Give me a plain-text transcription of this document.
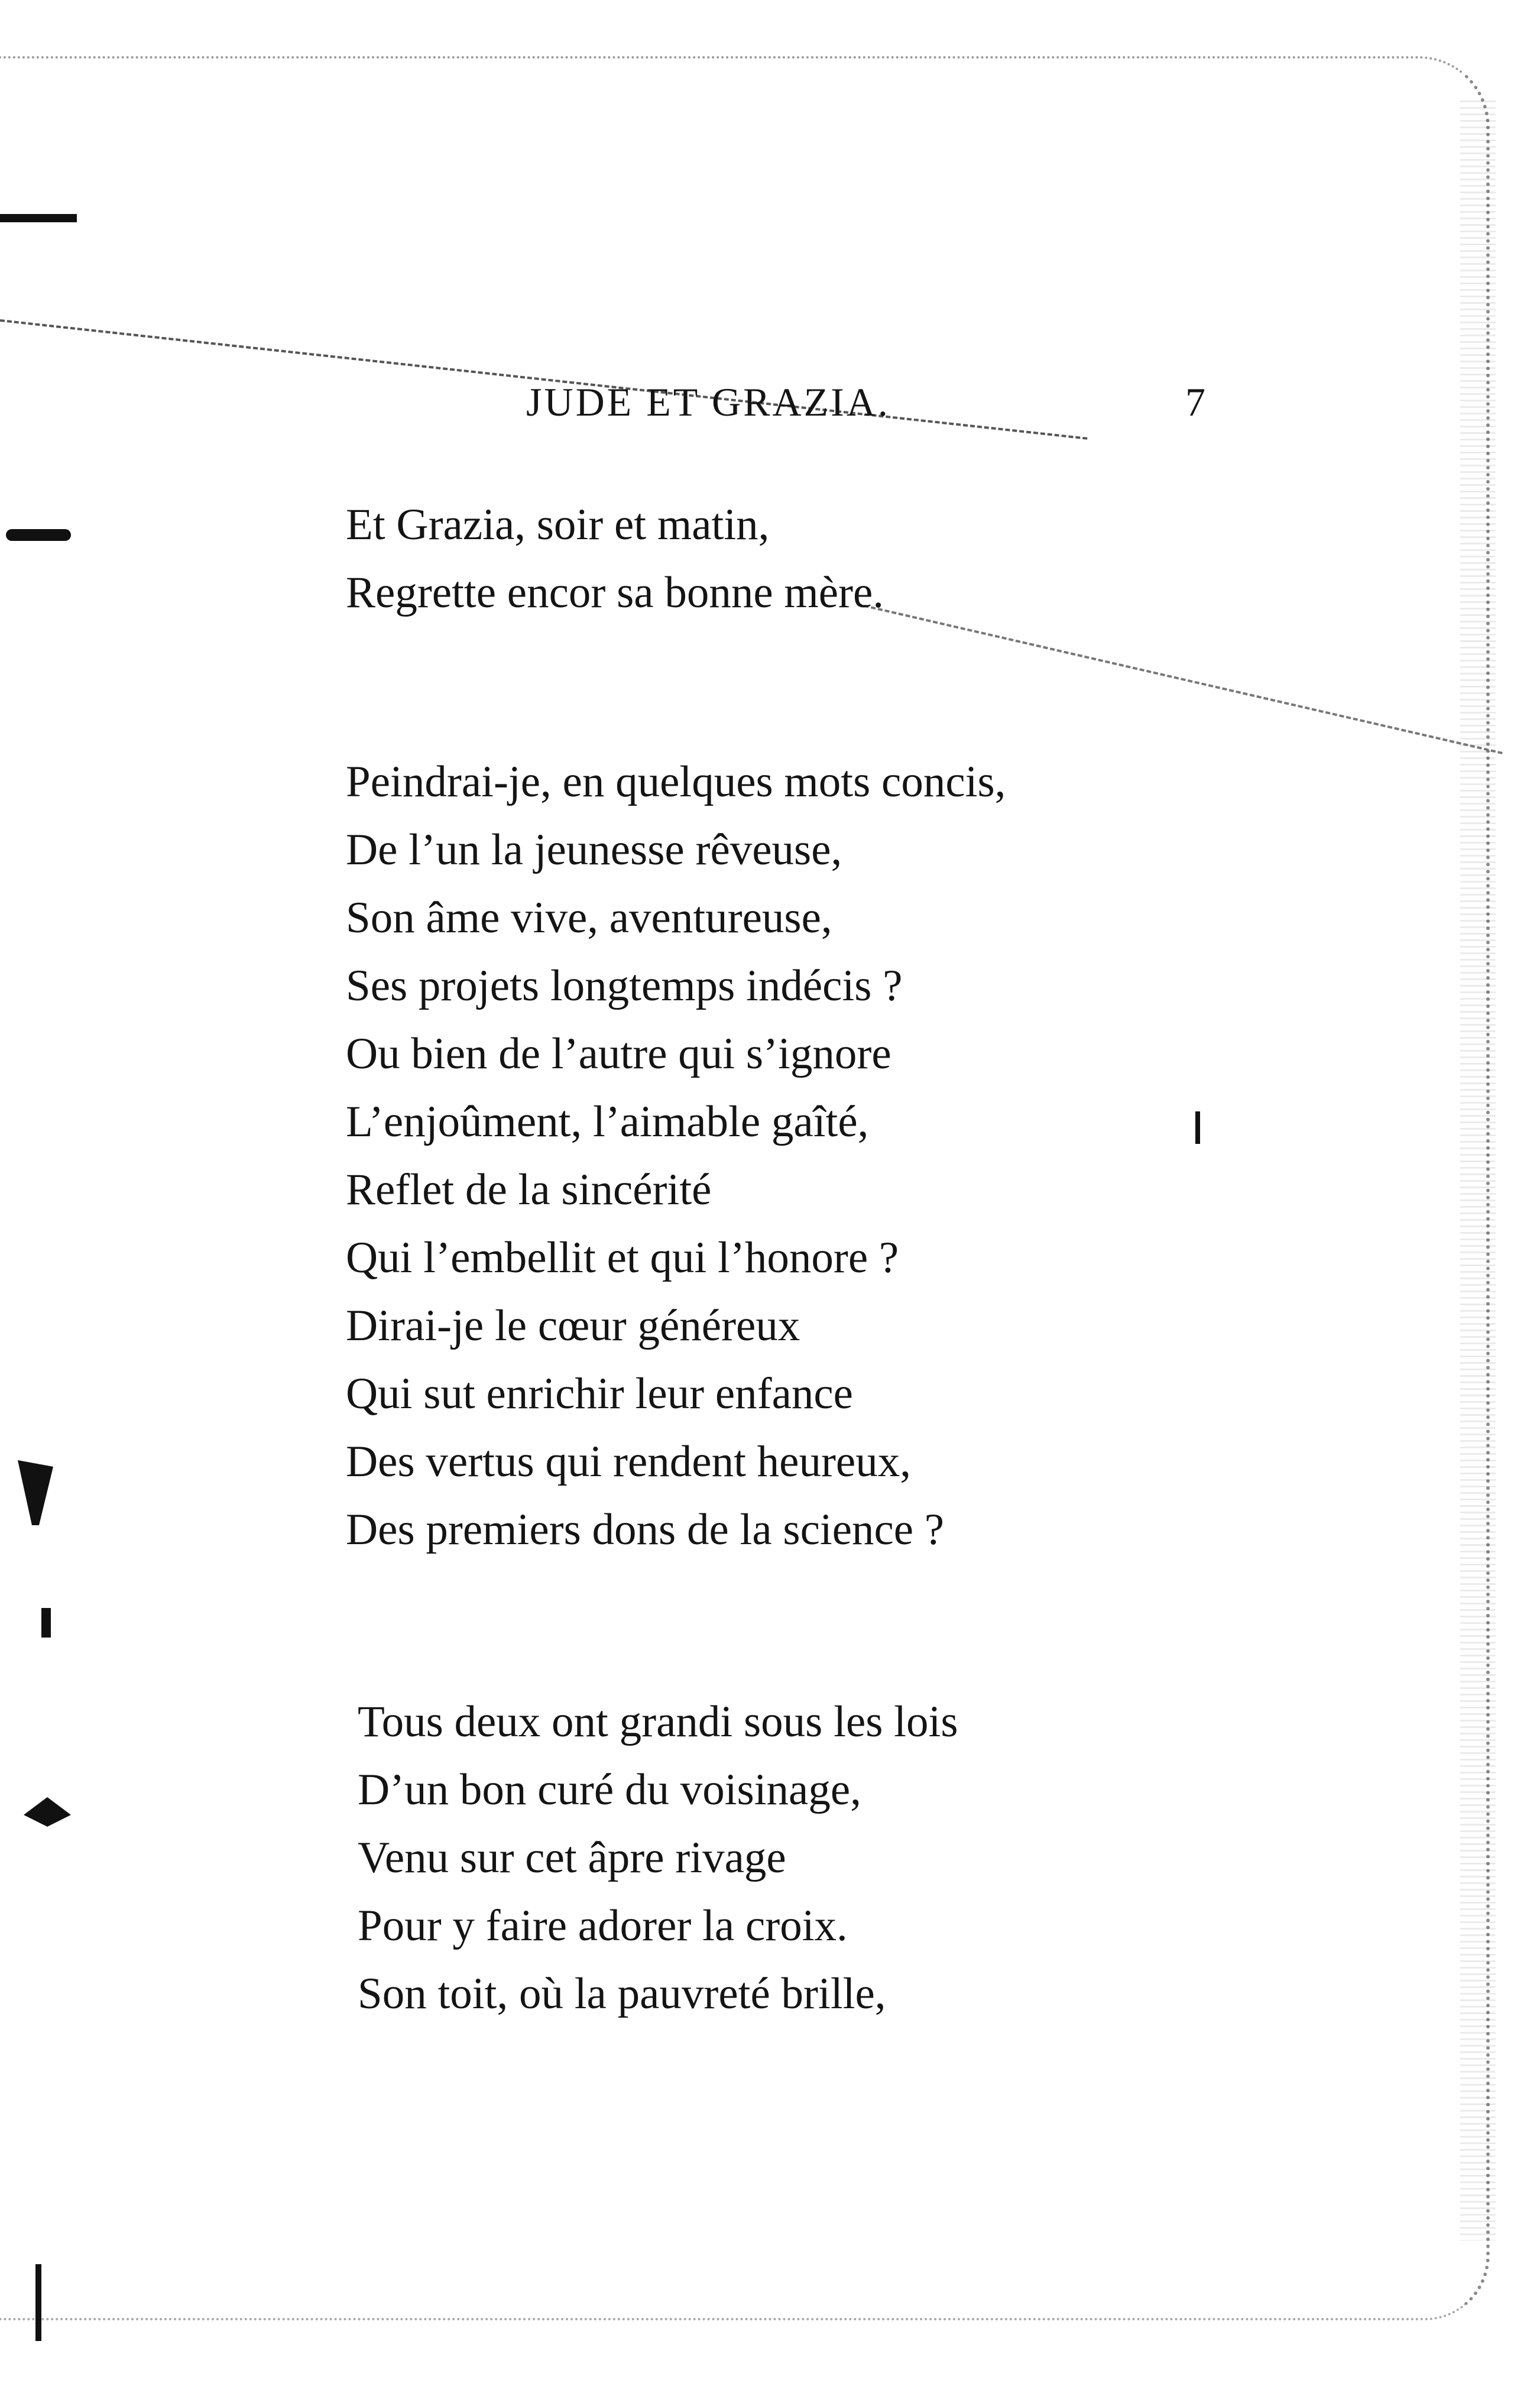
JUDE ET GRAZIA.	7
Et Grazia, soir et matin,
Regrette encor sa bonne mère.
Peindrai-je, en quelques mots concis,
De l’un la jeunesse rêveuse,
Son âme vive, aventureuse,
Ses projets longtemps indécis ?
Ou bien de l’autre qui s’ignore
L’enjoûment, l’aimable gaîté,
Reflet de la sincérité
Qui l’embellit et qui l’honore ?
Dirai-je le cœur généreux
Qui sut enrichir leur enfance
Des vertus qui rendent heureux,
Des premiers dons de la science ?
Tous deux ont grandi sous les lois
D’un bon curé du voisinage,
Venu sur cet âpre rivage
Pour y faire adorer la croix.
Son toit, où la pauvreté brille,
